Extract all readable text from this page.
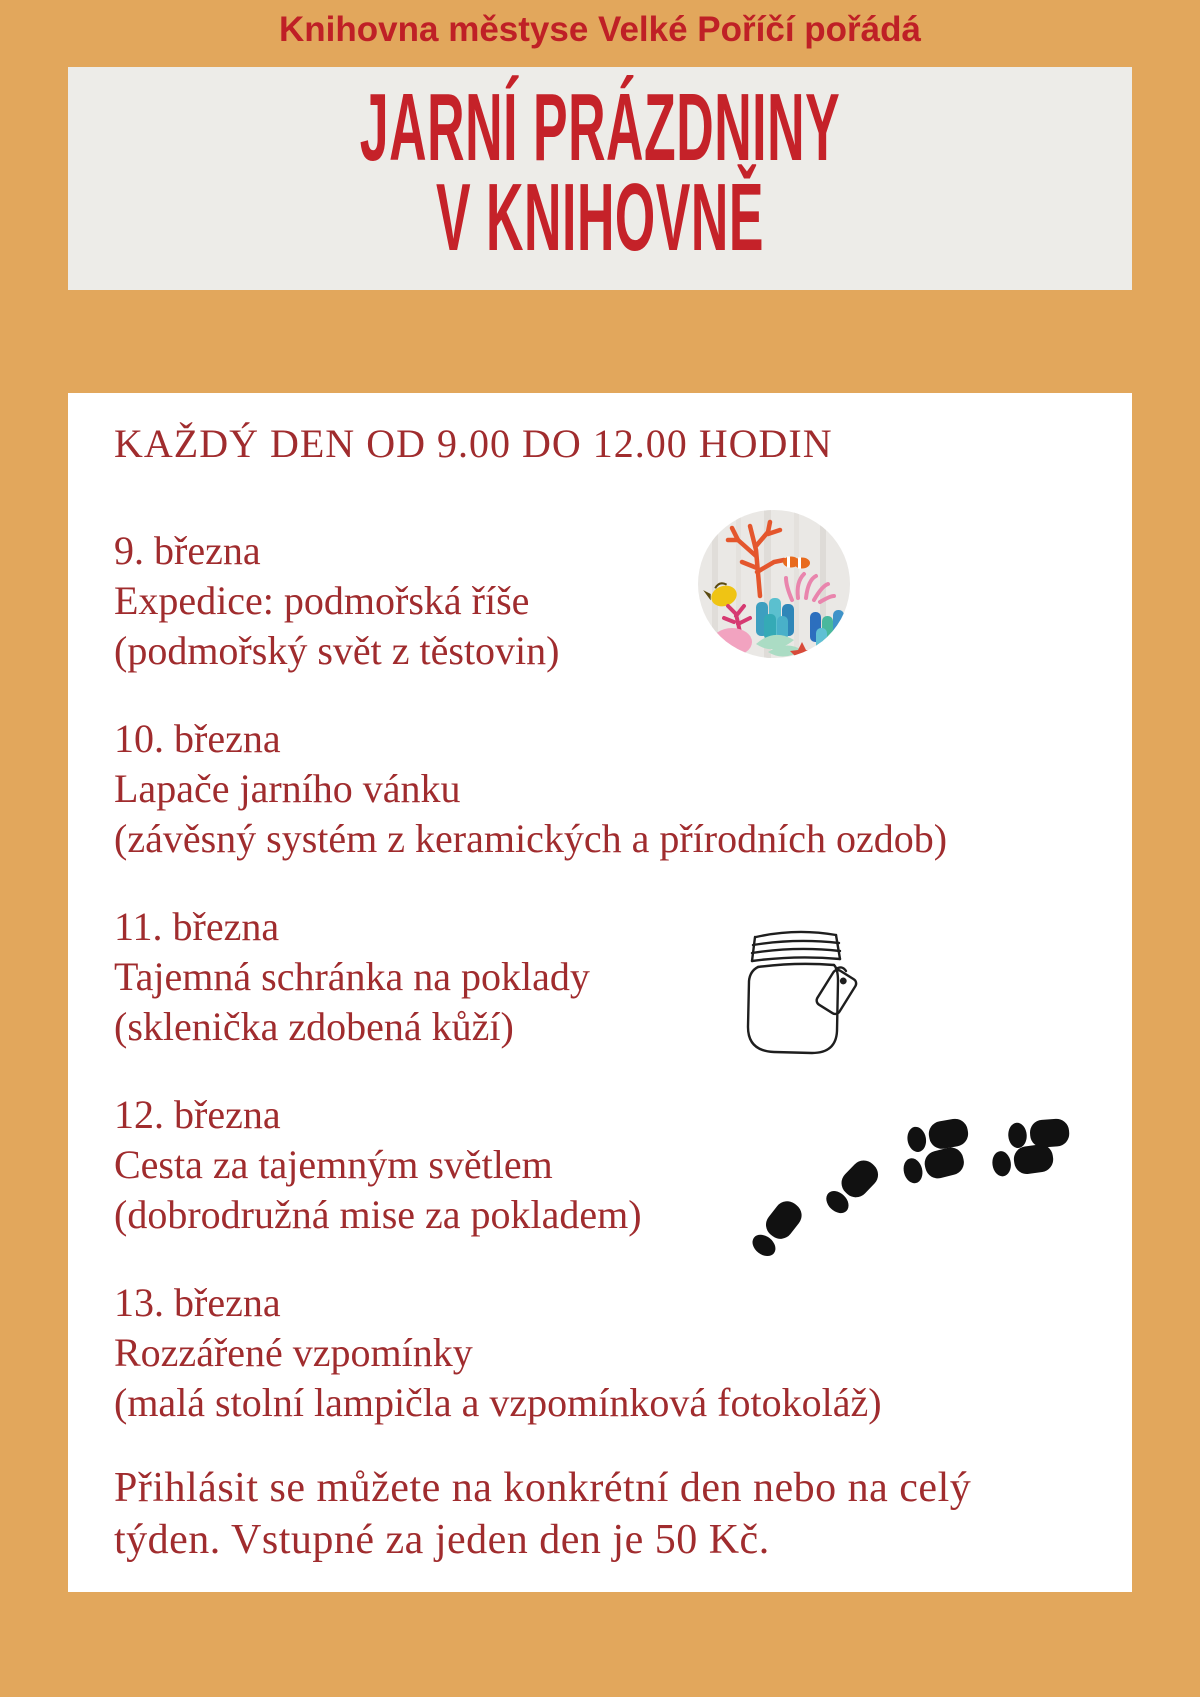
Knihovna městyse Velké Poříčí pořádá
JARNÍ PRÁZDNINY
V KNIHOVNĚ
KAŽDÝ DEN OD 9.00 DO 12.00 HODIN
9. března
Expedice: podmořská říše
(podmořský svět z těstovin)
10. března
Lapače jarního vánku
(závěsný systém z keramických a přírodních ozdob)
11. března
Tajemná schránka na poklady
(sklenička zdobená kůží)
12. března
Cesta za tajemným světlem
(dobrodružná mise za pokladem)
13. března
Rozzářené vzpomínky
(malá stolní lampičla a vzpomínková fotokoláž)

Přihlásit se můžete na konkrétní den nebo na celý
týden. Vstupné za jeden den je 50 Kč.
